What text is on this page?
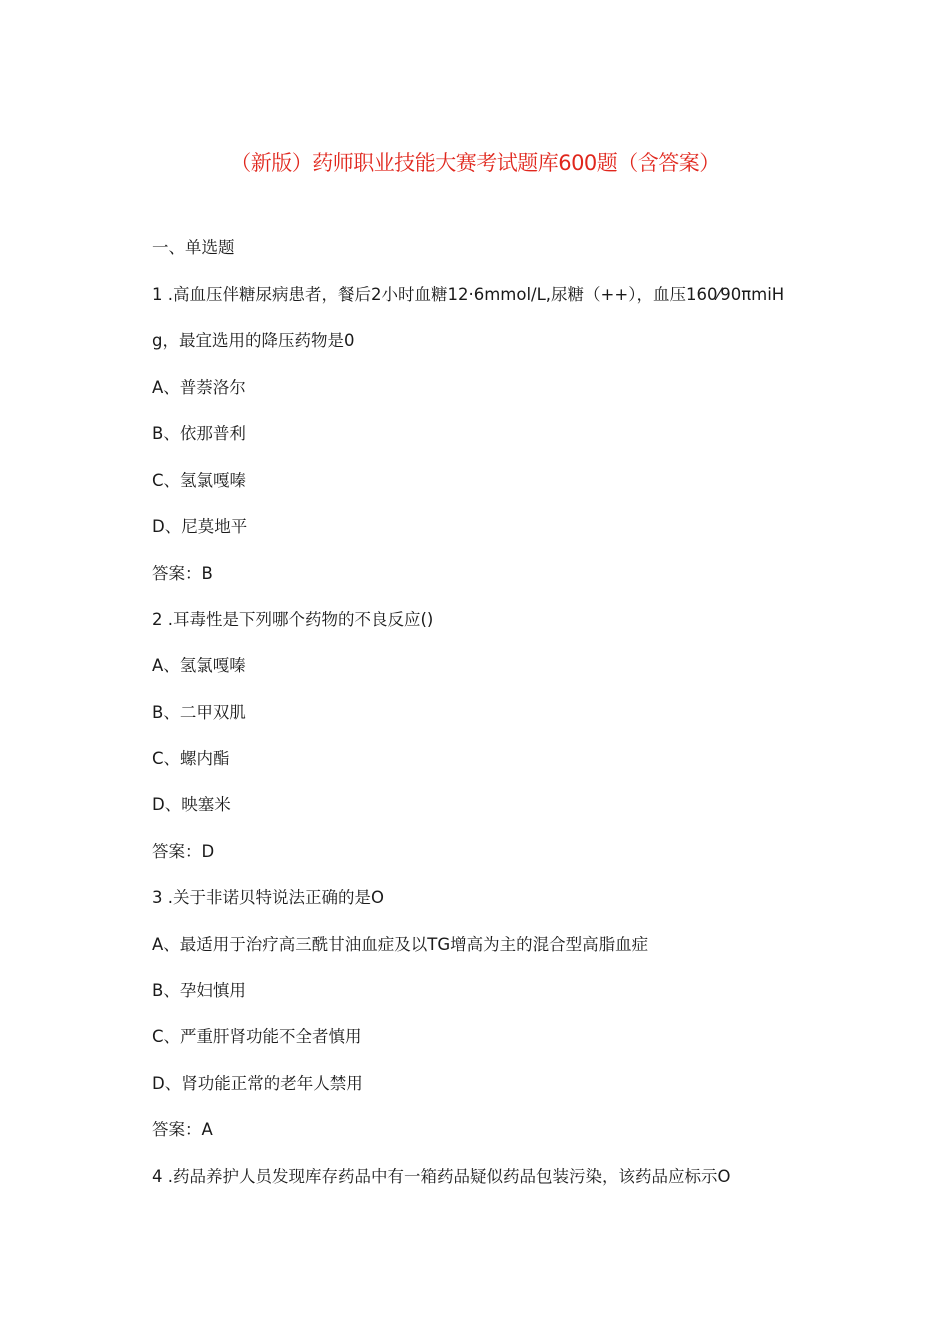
（新版）药师职业技能大赛考试题库600题（含答案）

一、单选题

1 .高血压伴糖尿病患者，餐后2小时血糖12·6mmol/L,尿糖（++），血压160⁄90πmiH

g，最宜选用的降压药物是0

A、普萘洛尔

B、依那普利

C、氢氯嘎嗪

D、尼莫地平

答案：B

2 .耳毒性是下列哪个药物的不良反应()

A、氢氯嘎嗪

B、二甲双肌

C、螺内酯

D、映塞米

答案：D

3 .关于非诺贝特说法正确的是O

A、最适用于治疗高三酰甘油血症及以TG增高为主的混合型高脂血症

B、孕妇慎用

C、严重肝肾功能不全者慎用

D、肾功能正常的老年人禁用

答案：A

4 .药品养护人员发现库存药品中有一箱药品疑似药品包装污染，该药品应标示O
